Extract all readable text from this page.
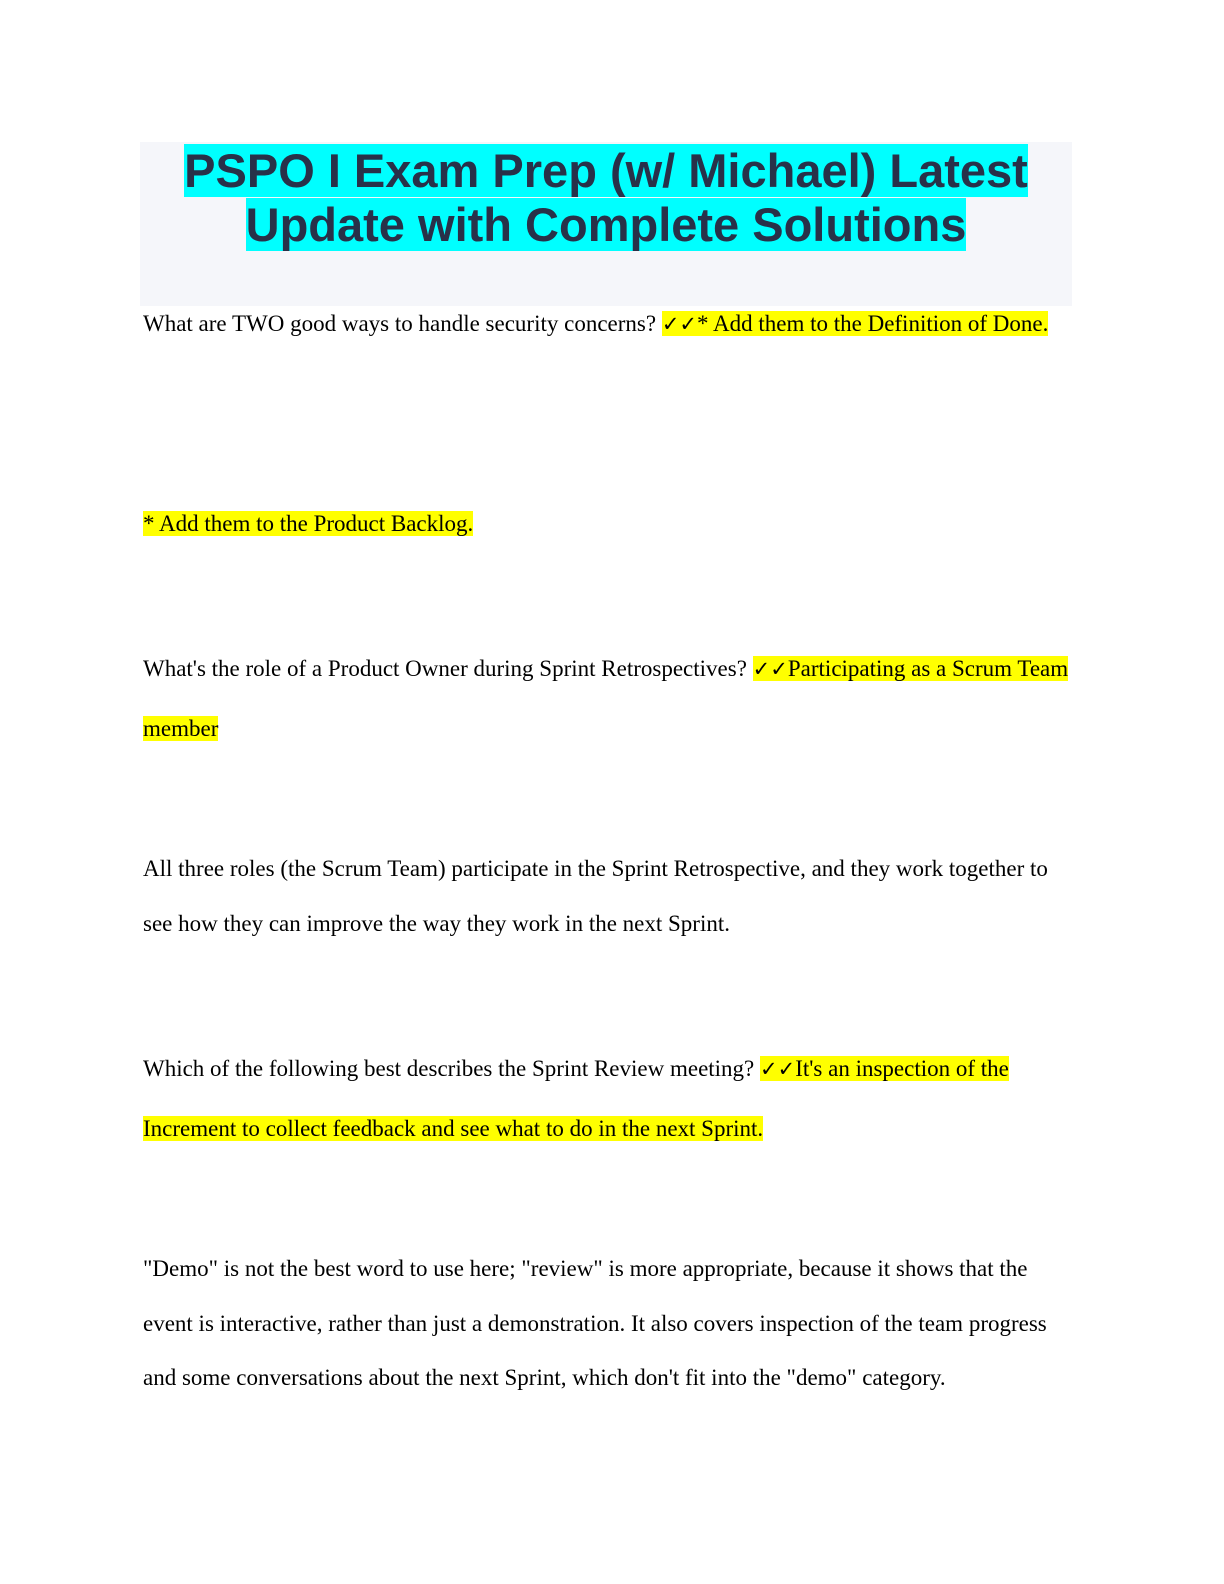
PSPO I Exam Prep (w/ Michael) Latest Update with Complete Solutions

What are TWO good ways to handle security concerns? ✓✓* Add them to the Definition of Done.

* Add them to the Product Backlog.

What's the role of a Product Owner during Sprint Retrospectives? ✓✓Participating as a Scrum Team member

All three roles (the Scrum Team) participate in the Sprint Retrospective, and they work together to see how they can improve the way they work in the next Sprint.

Which of the following best describes the Sprint Review meeting? ✓✓It's an inspection of the Increment to collect feedback and see what to do in the next Sprint.

"Demo" is not the best word to use here; "review" is more appropriate, because it shows that the event is interactive, rather than just a demonstration. It also covers inspection of the team progress and some conversations about the next Sprint, which don't fit into the "demo" category.
